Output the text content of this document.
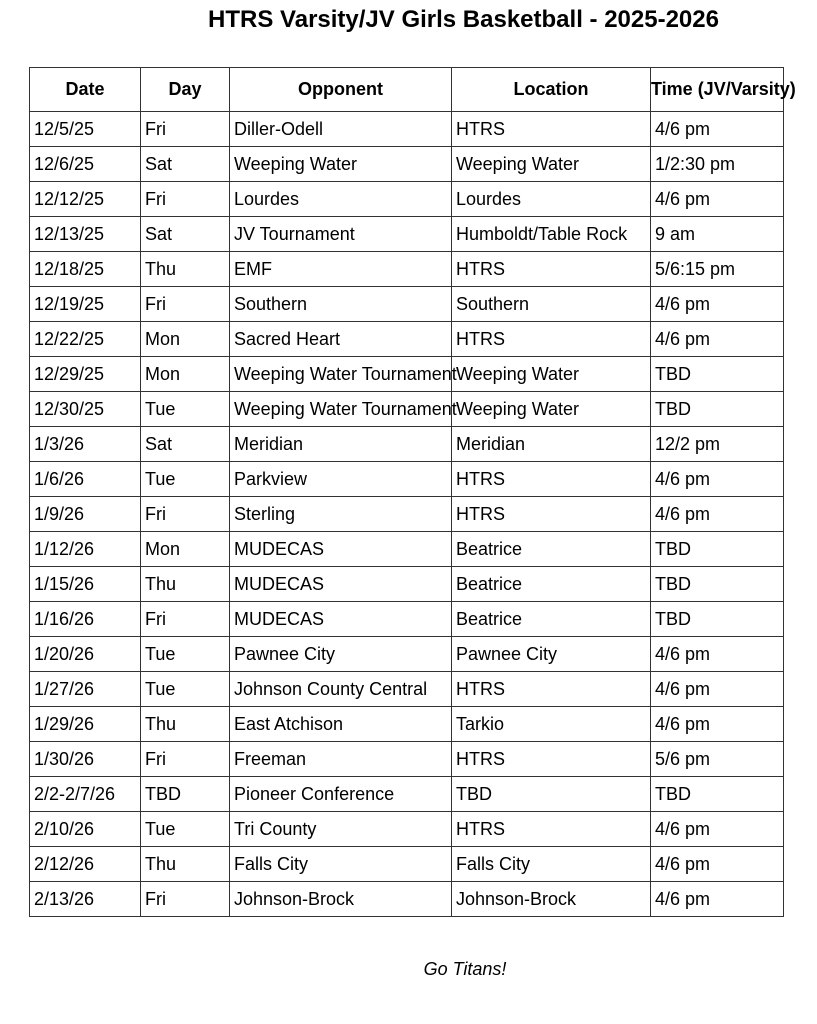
HTRS Varsity/JV Girls Basketball - 2025-2026
Date	Day	Opponent	Location	Time (JV/Varsity)
12/5/25	Fri	Diller-Odell	HTRS	4/6 pm
12/6/25	Sat	Weeping Water	Weeping Water	1/2:30 pm
12/12/25	Fri	Lourdes	Lourdes	4/6 pm
12/13/25	Sat	JV Tournament	Humboldt/Table Rock	9 am
12/18/25	Thu	EMF	HTRS	5/6:15 pm
12/19/25	Fri	Southern	Southern	4/6 pm
12/22/25	Mon	Sacred Heart	HTRS	4/6 pm
12/29/25	Mon	Weeping Water Tournament	Weeping Water	TBD
12/30/25	Tue	Weeping Water Tournament	Weeping Water	TBD
1/3/26	Sat	Meridian	Meridian	12/2 pm
1/6/26	Tue	Parkview	HTRS	4/6 pm
1/9/26	Fri	Sterling	HTRS	4/6 pm
1/12/26	Mon	MUDECAS	Beatrice	TBD
1/15/26	Thu	MUDECAS	Beatrice	TBD
1/16/26	Fri	MUDECAS	Beatrice	TBD
1/20/26	Tue	Pawnee City	Pawnee City	4/6 pm
1/27/26	Tue	Johnson County Central	HTRS	4/6 pm
1/29/26	Thu	East Atchison	Tarkio	4/6 pm
1/30/26	Fri	Freeman	HTRS	5/6 pm
2/2-2/7/26	TBD	Pioneer Conference	TBD	TBD
2/10/26	Tue	Tri County	HTRS	4/6 pm
2/12/26	Thu	Falls City	Falls City	4/6 pm
2/13/26	Fri	Johnson-Brock	Johnson-Brock	4/6 pm
Go Titans!
